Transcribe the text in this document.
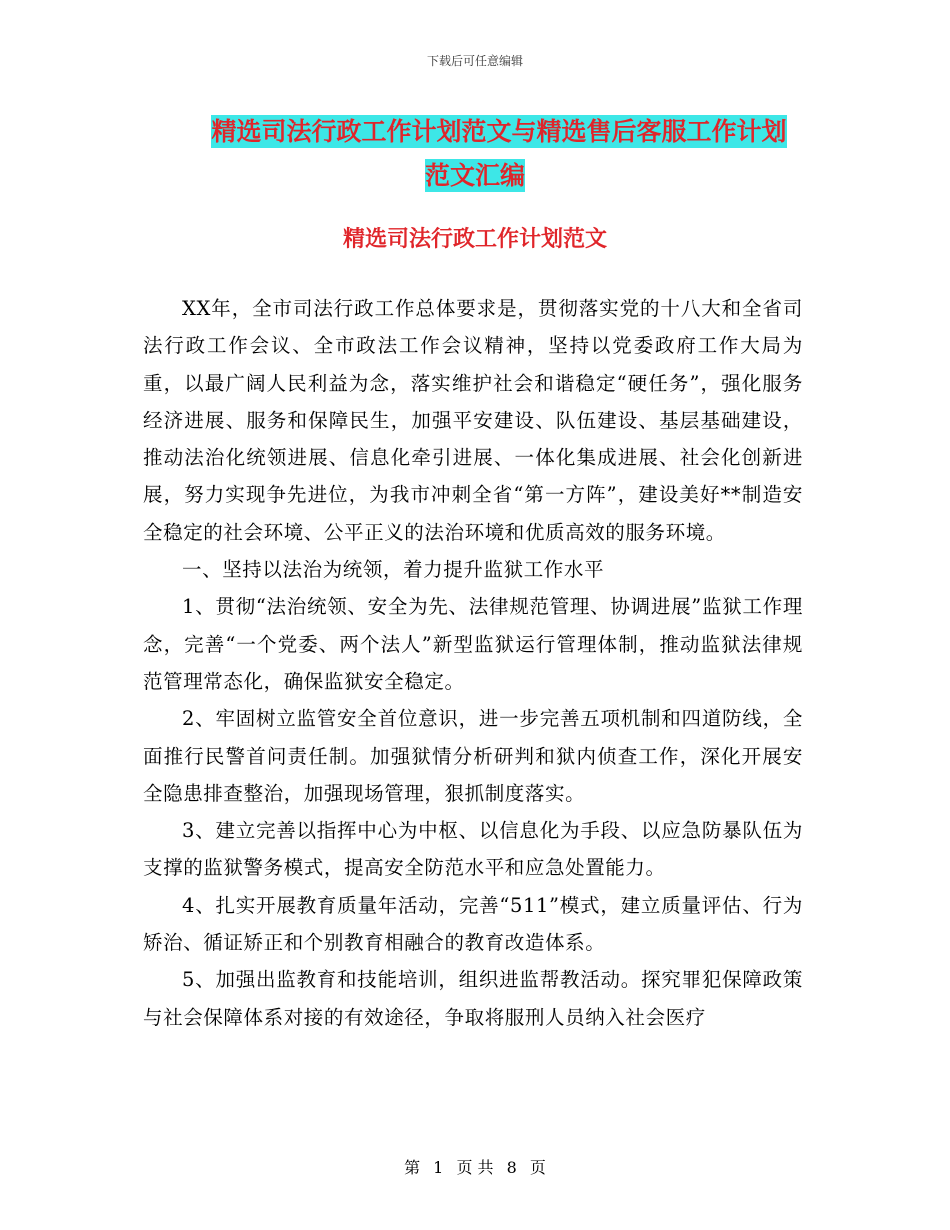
下载后可任意编辑
精选司法行政工作计划范文与精选售后客服工作计划
范文汇编
精选司法行政工作计划范文

XX年，全市司法行政工作总体要求是，贯彻落实党的十八大和全省司法行政工作会议、全市政法工作会议精神，坚持以党委政府工作大局为重，以最广阔人民利益为念，落实维护社会和谐稳定“硬任务”，强化服务经济进展、服务和保障民生，加强平安建设、队伍建设、基层基础建设，推动法治化统领进展、信息化牵引进展、一体化集成进展、社会化创新进展，努力实现争先进位，为我市冲刺全省“第一方阵”，建设美好**制造安全稳定的社会环境、公平正义的法治环境和优质高效的服务环境。

一、坚持以法治为统领，着力提升监狱工作水平

1、贯彻“法治统领、安全为先、法律规范管理、协调进展”监狱工作理念，完善“一个党委、两个法人”新型监狱运行管理体制，推动监狱法律规范管理常态化，确保监狱安全稳定。

2、牢固树立监管安全首位意识，进一步完善五项机制和四道防线，全面推行民警首问责任制。加强狱情分析研判和狱内侦查工作，深化开展安全隐患排查整治，加强现场管理，狠抓制度落实。

3、建立完善以指挥中心为中枢、以信息化为手段、以应急防暴队伍为支撑的监狱警务模式，提高安全防范水平和应急处置能力。

4、扎实开展教育质量年活动，完善“511”模式，建立质量评估、行为矫治、循证矫正和个别教育相融合的教育改造体系。

5、加强出监教育和技能培训，组织进监帮教活动。探究罪犯保障政策与社会保障体系对接的有效途径，争取将服刑人员纳入社会医疗

第 1 页 共 8 页
